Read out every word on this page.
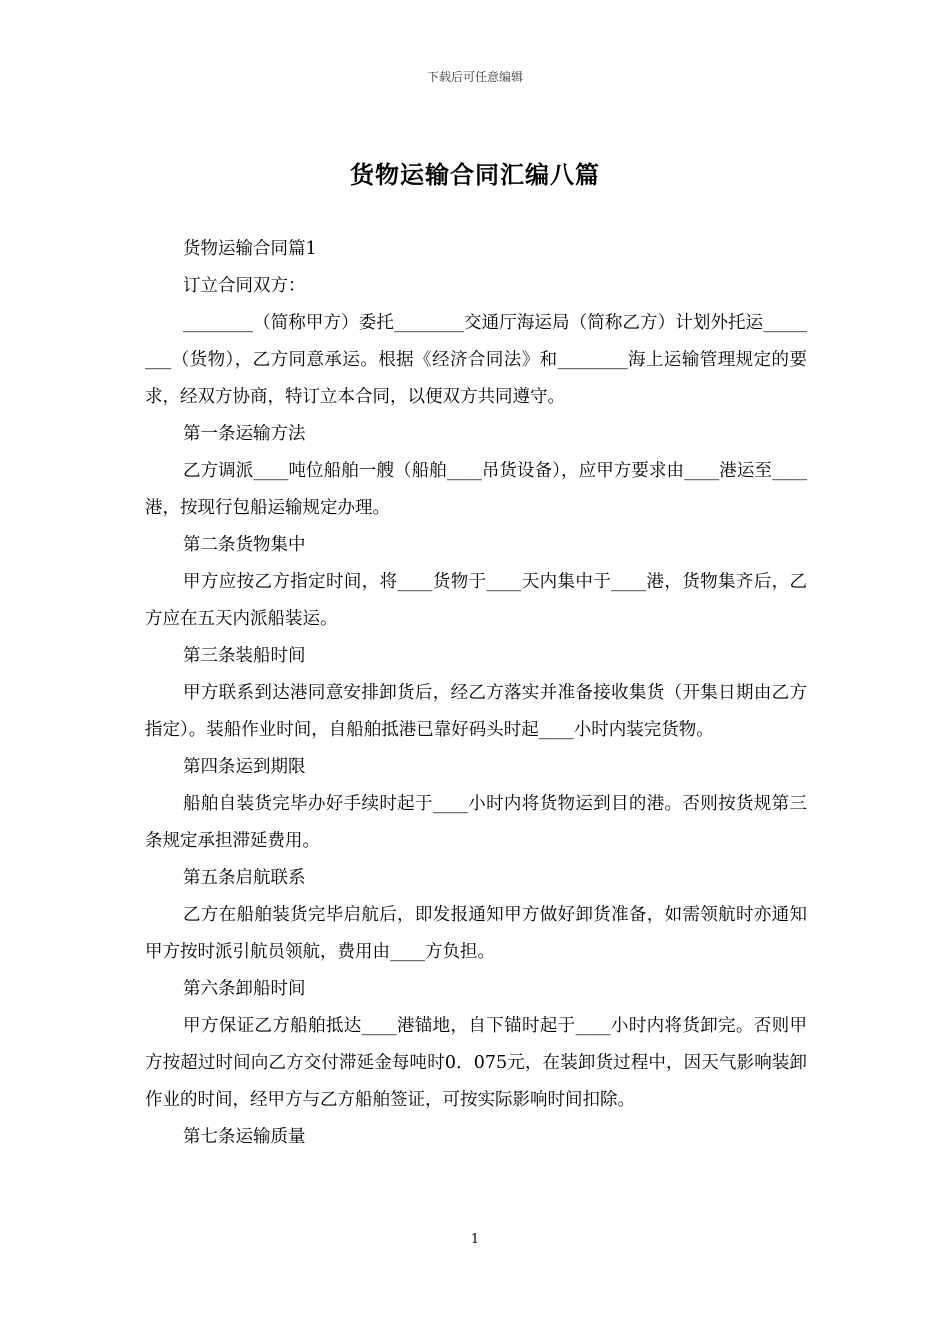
下载后可任意编辑
货物运输合同汇编八篇

货物运输合同篇1

订立合同双方：

________（简称甲方）委托________交通厅海运局（简称乙方）计划外托运________（货物），乙方同意承运。根据《经济合同法》和________海上运输管理规定的要求，经双方协商，特订立本合同，以便双方共同遵守。

第一条运输方法

乙方调派____吨位船舶一艘（船舶____吊货设备），应甲方要求由____港运至____港，按现行包船运输规定办理。

第二条货物集中

甲方应按乙方指定时间，将____货物于____天内集中于____港，货物集齐后，乙方应在五天内派船装运。

第三条装船时间

甲方联系到达港同意安排卸货后，经乙方落实并准备接收集货（开集日期由乙方指定）。装船作业时间，自船舶抵港已靠好码头时起____小时内装完货物。

第四条运到期限

船舶自装货完毕办好手续时起于____小时内将货物运到目的港。否则按货规第三条规定承担滞延费用。

第五条启航联系

乙方在船舶装货完毕启航后，即发报通知甲方做好卸货准备，如需领航时亦通知甲方按时派引航员领航，费用由____方负担。

第六条卸船时间

甲方保证乙方船舶抵达____港锚地，自下锚时起于____小时内将货卸完。否则甲方按超过时间向乙方交付滞延金每吨时0．075元，在装卸货过程中，因天气影响装卸作业的时间，经甲方与乙方船舶签证，可按实际影响时间扣除。

第七条运输质量

1
